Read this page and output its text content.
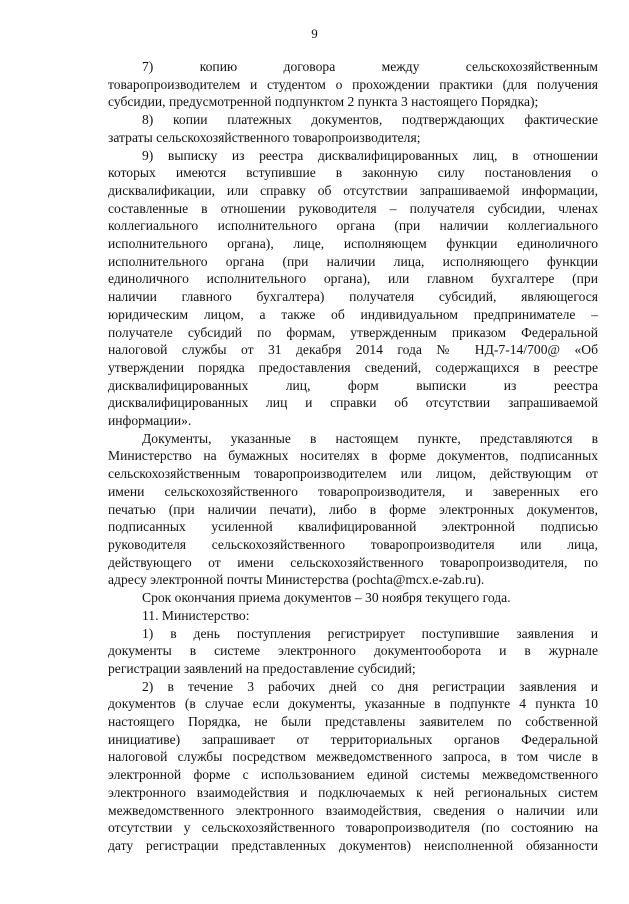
9
7) копию договора между сельскохозяйственным
товаропроизводителем и студентом о прохождении практики (для получения
субсидии, предусмотренной подпунктом 2 пункта 3 настоящего Порядка);
8) копии платежных документов, подтверждающих фактические
затраты сельскохозяйственного товаропроизводителя;
9) выписку из реестра дисквалифицированных лиц, в отношении
которых имеются вступившие в законную силу постановления о
дисквалификации, или справку об отсутствии запрашиваемой информации,
составленные в отношении руководителя – получателя субсидии, членах
коллегиального исполнительного органа (при наличии коллегиального
исполнительного органа), лице, исполняющем функции единоличного
исполнительного органа (при наличии лица, исполняющего функции
единоличного исполнительного органа), или главном бухгалтере (при
наличии главного бухгалтера) получателя субсидий, являющегося
юридическим лицом, а также об индивидуальном предпринимателе –
получателе субсидий по формам, утвержденным приказом Федеральной
налоговой службы от 31 декабря 2014 года № НД-7-14/700@ «Об
утверждении порядка предоставления сведений, содержащихся в реестре
дисквалифицированных лиц, форм выписки из реестра
дисквалифицированных лиц и справки об отсутствии запрашиваемой
информации».
Документы, указанные в настоящем пункте, представляются в
Министерство на бумажных носителях в форме документов, подписанных
сельскохозяйственным товаропроизводителем или лицом, действующим от
имени сельскохозяйственного товаропроизводителя, и заверенных его
печатью (при наличии печати), либо в форме электронных документов,
подписанных усиленной квалифицированной электронной подписью
руководителя сельскохозяйственного товаропроизводителя или лица,
действующего от имени сельскохозяйственного товаропроизводителя, по
адресу электронной почты Министерства (pochta@mcx.e-zab.ru).
Срок окончания приема документов – 30 ноября текущего года.
11. Министерство:
1) в день поступления регистрирует поступившие заявления и
документы в системе электронного документооборота и в журнале
регистрации заявлений на предоставление субсидий;
2) в течение 3 рабочих дней со дня регистрации заявления и
документов (в случае если документы, указанные в подпункте 4 пункта 10
настоящего Порядка, не были представлены заявителем по собственной
инициативе) запрашивает от территориальных органов Федеральной
налоговой службы посредством межведомственного запроса, в том числе в
электронной форме с использованием единой системы межведомственного
электронного взаимодействия и подключаемых к ней региональных систем
межведомственного электронного взаимодействия, сведения о наличии или
отсутствии у сельскохозяйственного товаропроизводителя (по состоянию на
дату регистрации представленных документов) неисполненной обязанности
